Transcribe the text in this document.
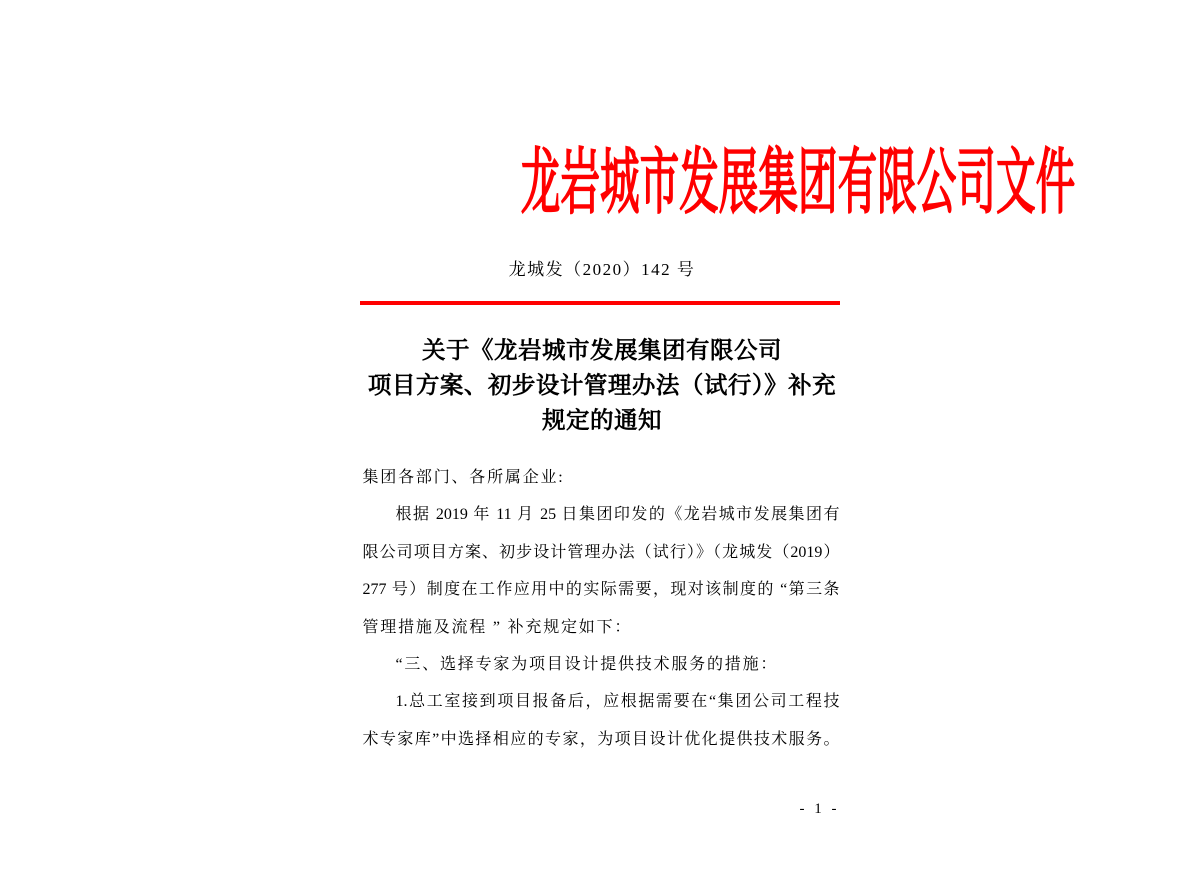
龙岩城市发展集团有限公司文件
龙城发（2020）142 号
关于《龙岩城市发展集团有限公司
项目方案、初步设计管理办法（试行）》补充
规定的通知
集团各部门、各所属企业:
根据 2019 年 11 月 25 日集团印发的《龙岩城市发展集团有
限公司项目方案、初步设计管理办法（试行）》（龙城发（2019）
277 号）制度在工作应用中的实际需要，现对该制度的 “第三条
管理措施及流程 ” 补充规定如下：
“三、选择专家为项目设计提供技术服务的措施：
1.总工室接到项目报备后，应根据需要在“集团公司工程技
术专家库”中选择相应的专家，为项目设计优化提供技术服务。
- 1 -
